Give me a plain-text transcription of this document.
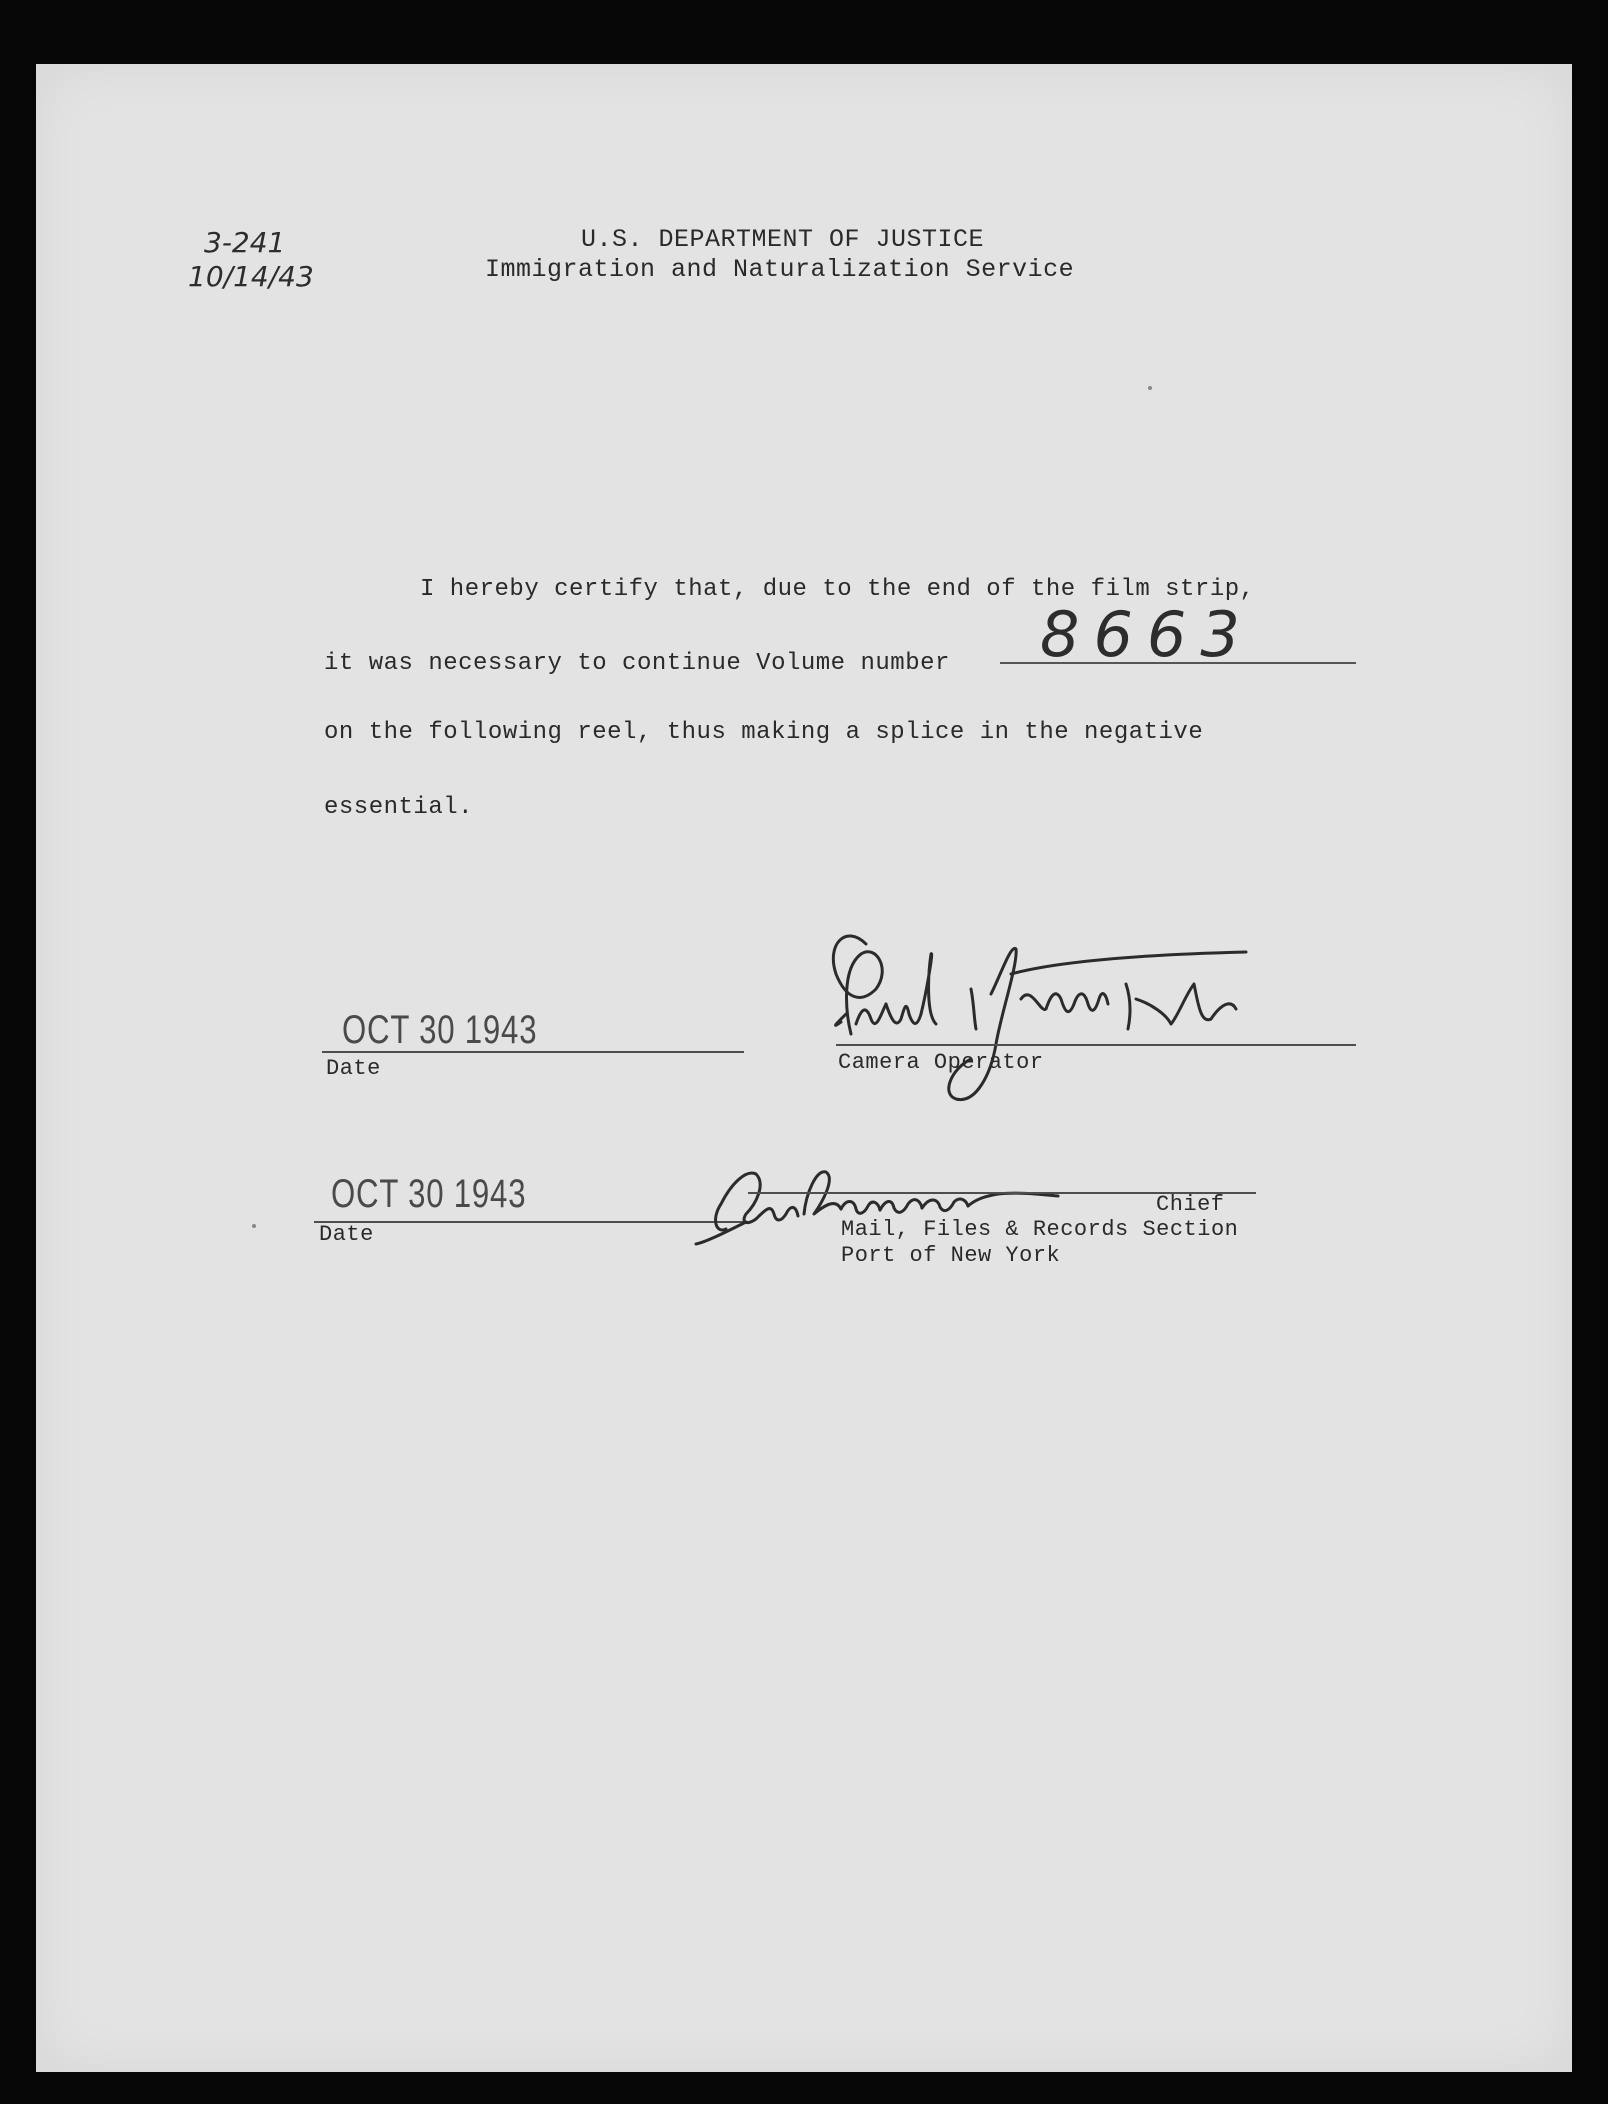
3-241
10/14/43
U.S. DEPARTMENT OF JUSTICE
Immigration and Naturalization Service
I hereby certify that, due to the end of the film strip,
it was necessary to continue Volume number 8663
on the following reel, thus making a splice in the negative
essential.
OCT 30 1943
Date	Camera Operator
OCT 30 1943
Date
Chief
Mail, Files & Records Section
Port of New York
